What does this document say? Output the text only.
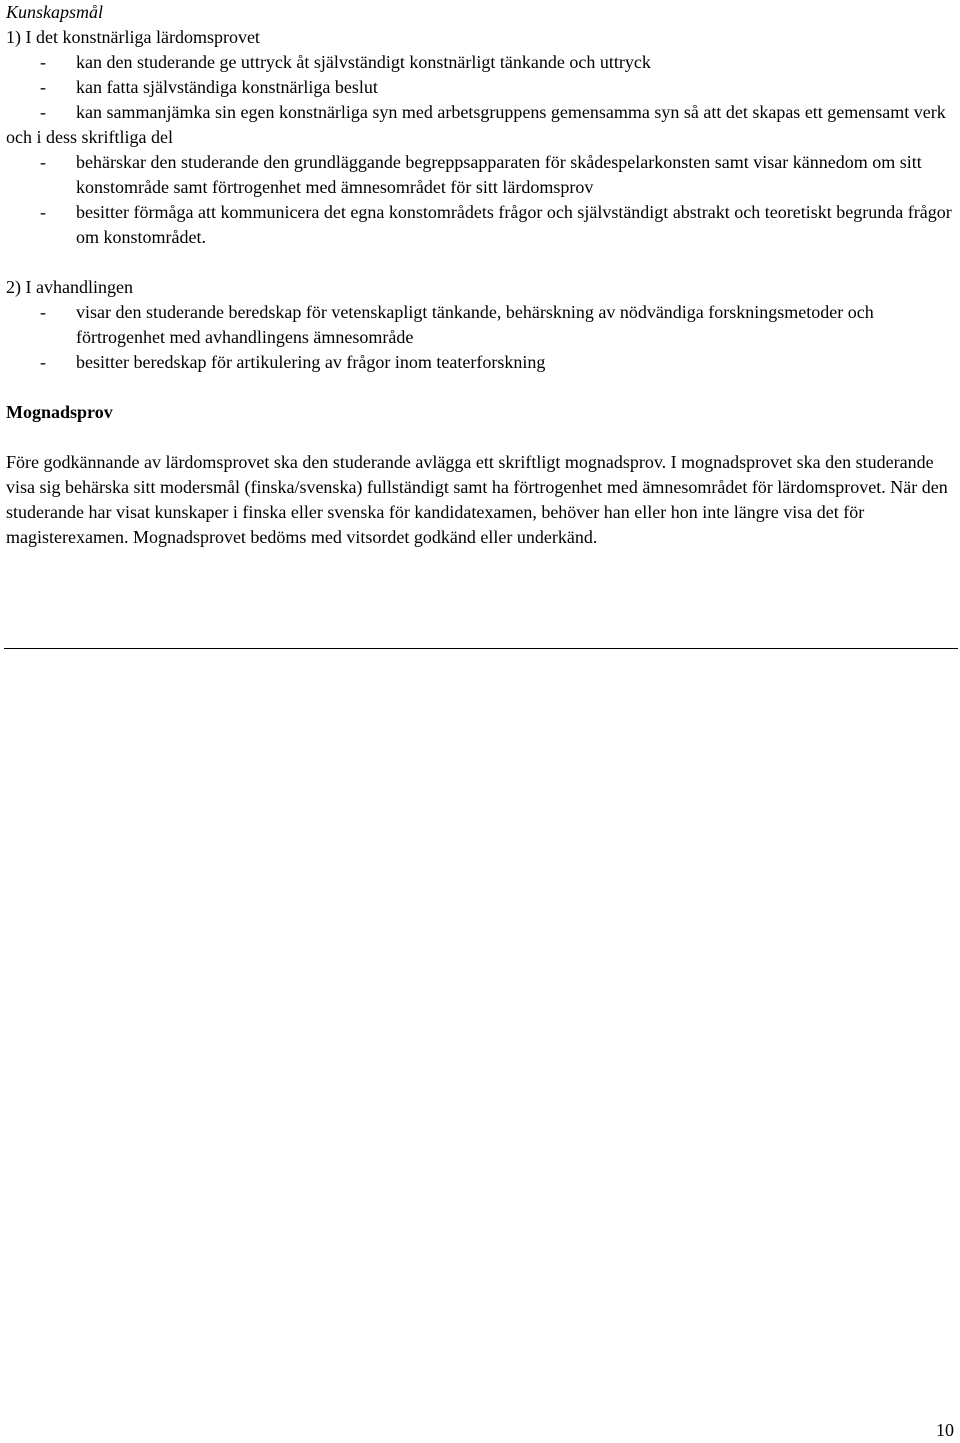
Kunskapsmål

1) I det konstnärliga lärdomsprovet

- kan den studerande ge uttryck åt självständigt konstnärligt tänkande och uttryck
- kan fatta självständiga konstnärliga beslut
- kan sammanjämka sin egen konstnärliga syn med arbetsgruppens gemensamma syn så att det skapas ett gemensamt verk

och i dess skriftliga del

- behärskar den studerande den grundläggande begreppsapparaten för skådespelarkonsten samt visar kännedom om sitt konstområde samt förtrogenhet med ämnesområdet för sitt lärdomsprov
- besitter förmåga att kommunicera det egna konstområdets frågor och självständigt abstrakt och teoretiskt begrunda frågor om konstområdet.

2) I avhandlingen

- visar den studerande beredskap för vetenskapligt tänkande, behärskning av nödvändiga forskningsmetoder och förtrogenhet med avhandlingens ämnesområde
- besitter beredskap för artikulering av frågor inom teaterforskning

Mognadsprov

Före godkännande av lärdomsprovet ska den studerande avlägga ett skriftligt mognadsprov. I mognadsprovet ska den studerande visa sig behärska sitt modersmål (finska/svenska) fullständigt samt ha förtrogenhet med ämnesområdet för lärdomsprovet. När den studerande har visat kunskaper i finska eller svenska för kandidatexamen, behöver han eller hon inte längre visa det för magisterexamen. Mognadsprovet bedöms med vitsordet godkänd eller underkänd.

10
